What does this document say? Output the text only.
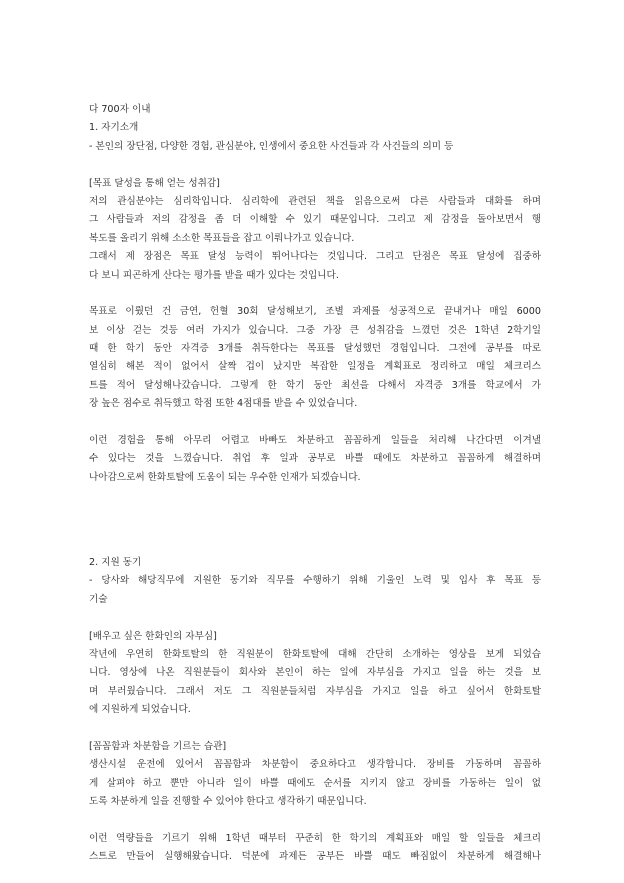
다 700자 이내
1. 자기소개
- 본인의 장단점, 다양한 경험, 관심분야, 인생에서 중요한 사건들과 각 사건들의 의미 등
[목표 달성을 통해 얻는 성취감]
저의 관심분야는 심리학입니다. 심리학에 관련된 책을 읽음으로써 다른 사람들과 대화를 하며
그 사람들과 저의 감정을 좀 더 이해할 수 있기 때문입니다. 그리고 제 감정을 돌아보면서 행
복도를 올리기 위해 소소한 목표들을 잡고 이뤄나가고 있습니다.
그래서 제 장점은 목표 달성 능력이 뛰어나다는 것입니다. 그리고 단점은 목표 달성에 집중하
다 보니 피곤하게 산다는 평가를 받을 때가 있다는 것입니다.
목표로 이뤘던 건 금연, 헌혈 30회 달성해보기, 조별 과제를 성공적으로 끝내거나 매일 6000
보 이상 걷는 것등 여러 가지가 있습니다. 그중 가장 큰 성취감을 느꼈던 것은 1학년 2학기일
때 한 학기 동안 자격증 3개를 취득한다는 목표를 달성했던 경험입니다. 그전에 공부를 따로
열심히 해본 적이 없어서 살짝 겁이 났지만 복잡한 일정을 계획표로 정리하고 매일 체크리스
트를 적어 달성해나갔습니다. 그렇게 한 학기 동안 최선을 다해서 자격증 3개를 학교에서 가
장 높은 점수로 취득했고 학점 또한 4점대를 받을 수 있었습니다.
이런 경험을 통해 아무리 어렵고 바빠도 차분하고 꼼꼼하게 일들을 처리해 나간다면 이겨낼
수 있다는 것을 느꼈습니다. 취업 후 일과 공부로 바쁠 때에도 차분하고 꼼꼼하게 해결하며
나아감으로써 한화토탈에 도움이 되는 우수한 인재가 되겠습니다.
2. 지원 동기
- 당사와 해당직무에 지원한 동기와 직무를 수행하기 위해 기울인 노력 및 입사 후 목표 등
기술
[배우고 싶은 한화인의 자부심]
작년에 우연히 한화토탈의 한 직원분이 한화토탈에 대해 간단히 소개하는 영상을 보게 되었습
니다. 영상에 나온 직원분들이 회사와 본인이 하는 일에 자부심을 가지고 일을 하는 것을 보
며 부러웠습니다. 그래서 저도 그 직원분들처럼 자부심을 가지고 일을 하고 싶어서 한화토탈
에 지원하게 되었습니다.
[꼼꼼함과 차분함을 기르는 습관]
생산시설 운전에 있어서 꼼꼼함과 차분함이 중요하다고 생각합니다. 장비를 가동하며 꼼꼼하
게 살펴야 하고 뿐만 아니라 일이 바쁠 때에도 순서를 지키지 않고 장비를 가동하는 일이 없
도록 차분하게 일을 진행할 수 있어야 한다고 생각하기 때문입니다.
이런 역량들을 기르기 위해 1학년 때부터 꾸준히 한 학기의 계획표와 매일 할 일들을 체크리
스트로 만들어 실행해왔습니다. 덕분에 과제든 공부든 바쁠 때도 빠짐없이 차분하게 해결해나
